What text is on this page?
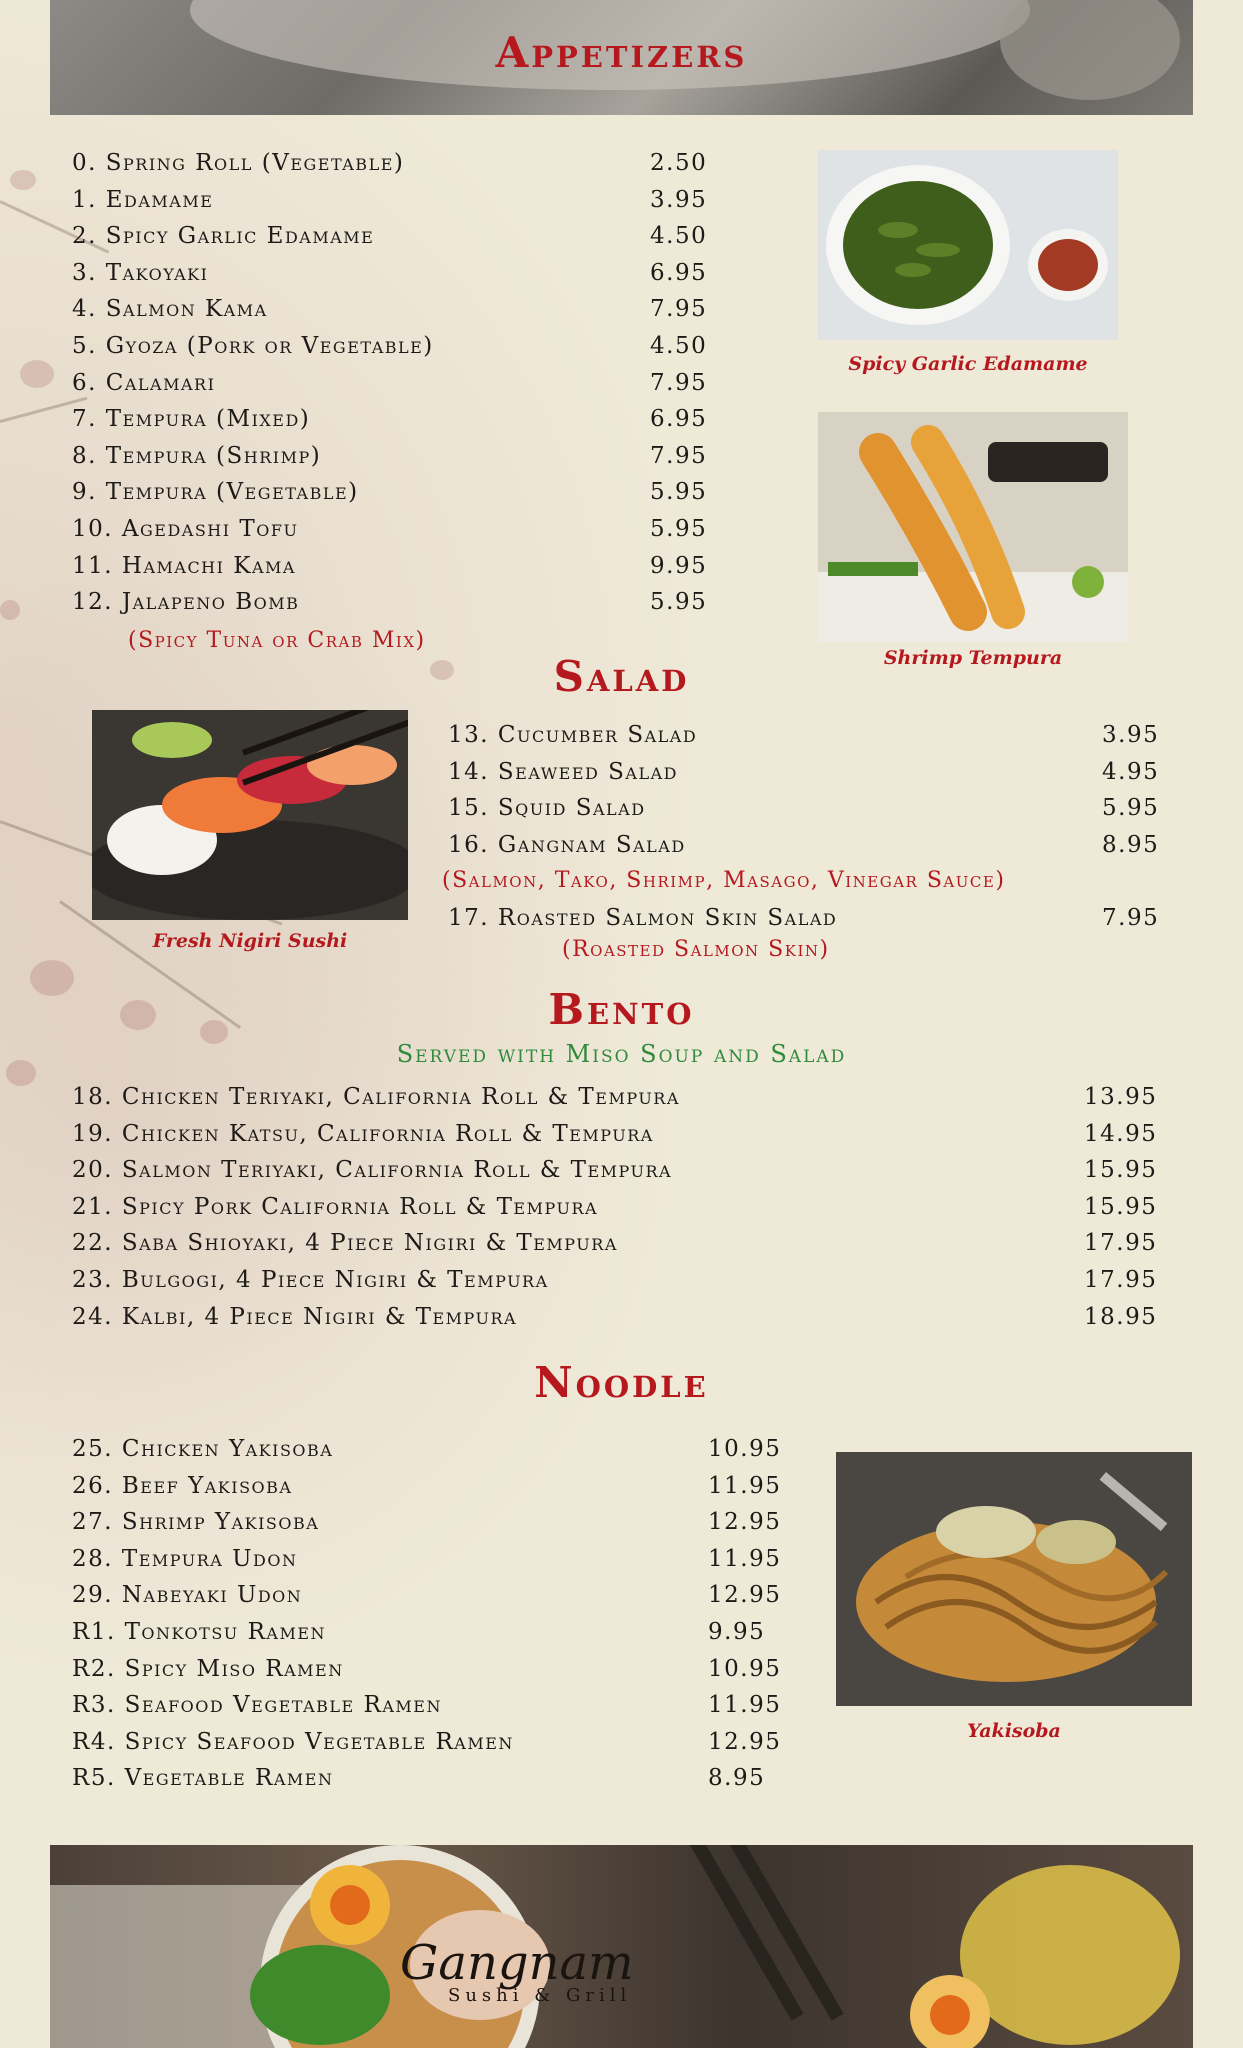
Appetizers
0. Spring Roll (Vegetable)	2.50
1. Edamame	3.95
2. Spicy Garlic Edamame	4.50
3. Takoyaki	6.95
4. Salmon Kama	7.95
5. Gyoza (Pork or Vegetable)	4.50
6. Calamari	7.95
7. Tempura (Mixed)	6.95
8. Tempura (Shrimp)	7.95
9. Tempura (Vegetable)	5.95
10. Agedashi Tofu	5.95
11. Hamachi Kama	9.95
12. Jalapeno Bomb	5.95
(Spicy Tuna or Crab Mix)
Spicy Garlic Edamame
Shrimp Tempura
Salad
Fresh Nigiri Sushi
13. Cucumber Salad	3.95
14. Seaweed Salad	4.95
15. Squid Salad	5.95
16. Gangnam Salad	8.95
(Salmon, Tako, Shrimp, Masago, Vinegar Sauce)
17. Roasted Salmon Skin Salad	7.95
(Roasted Salmon Skin)
Bento
Served with Miso Soup and Salad
18. Chicken Teriyaki, California Roll & Tempura	13.95
19. Chicken Katsu, California Roll & Tempura	14.95
20. Salmon Teriyaki, California Roll & Tempura	15.95
21. Spicy Pork California Roll & Tempura	15.95
22. Saba Shioyaki, 4 Piece Nigiri & Tempura	17.95
23. Bulgogi, 4 Piece Nigiri & Tempura	17.95
24. Kalbi, 4 Piece Nigiri & Tempura	18.95
Noodle
25. Chicken Yakisoba	10.95
26. Beef Yakisoba	11.95
27. Shrimp Yakisoba	12.95
28. Tempura Udon	11.95
29. Nabeyaki Udon	12.95
R1. Tonkotsu Ramen	9.95
R2. Spicy Miso Ramen	10.95
R3. Seafood Vegetable Ramen	11.95
R4. Spicy Seafood Vegetable Ramen	12.95
R5. Vegetable Ramen	8.95
Yakisoba
Gangnam
Sushi & Grill
